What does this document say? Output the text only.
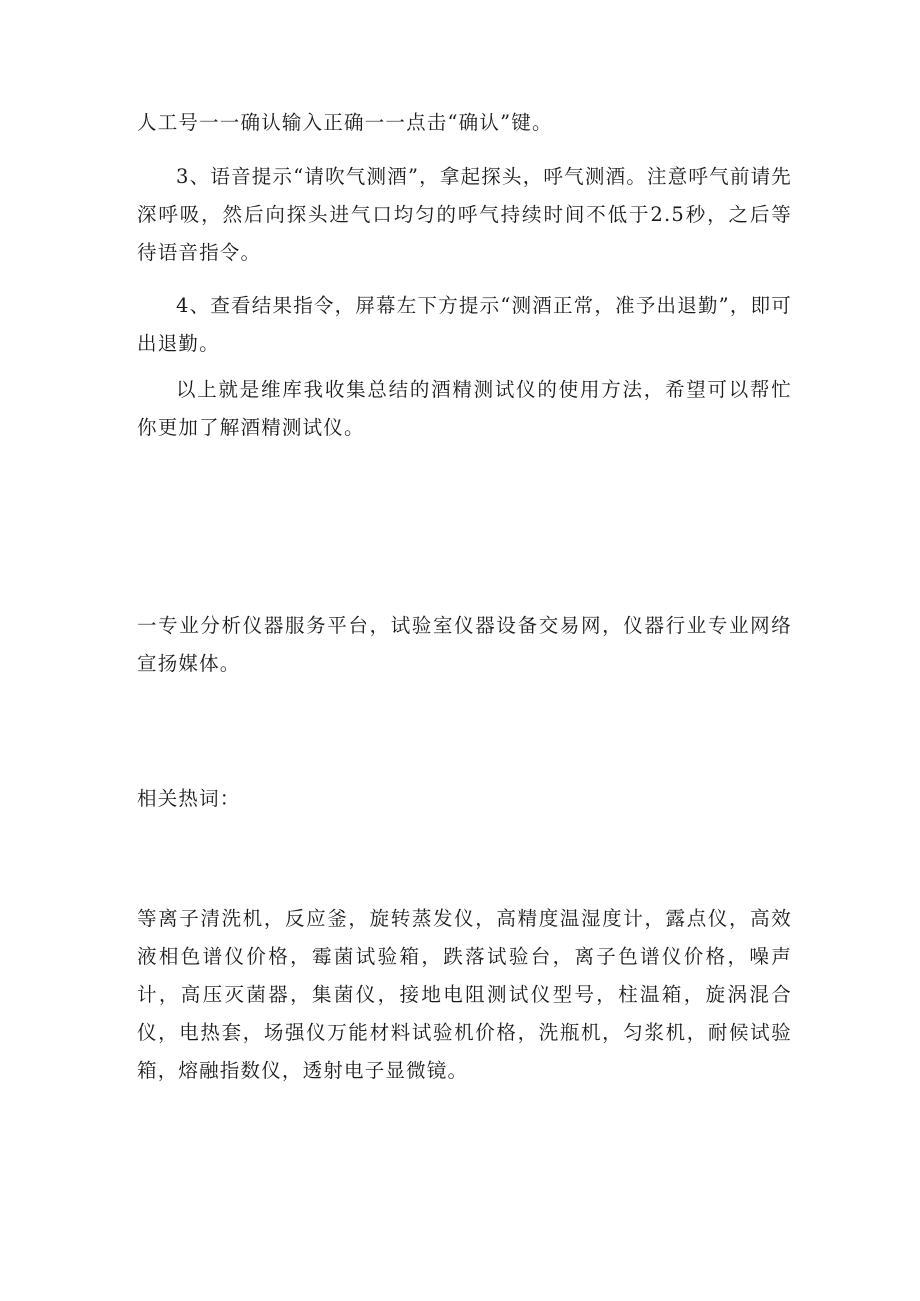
人工号一一确认输入正确一一点击“确认”键。

3、语音提示“请吹气测酒”，拿起探头，呼气测酒。注意呼气前请先深呼吸，然后向探头进气口均匀的呼气持续时间不低于2.5秒，之后等待语音指令。

4、查看结果指令，屏幕左下方提示“测酒正常，准予出退勤”，即可出退勤。

以上就是维库我收集总结的酒精测试仪的使用方法，希望可以帮忙你更加了解酒精测试仪。

一专业分析仪器服务平台，试验室仪器设备交易网，仪器行业专业网络宣扬媒体。

相关热词：

等离子清洗机，反应釜，旋转蒸发仪，高精度温湿度计，露点仪，高效液相色谱仪价格，霉菌试验箱，跌落试验台，离子色谱仪价格，噪声计，高压灭菌器，集菌仪，接地电阻测试仪型号，柱温箱，旋涡混合仪，电热套，场强仪万能材料试验机价格，洗瓶机，匀浆机，耐候试验箱，熔融指数仪，透射电子显微镜。
